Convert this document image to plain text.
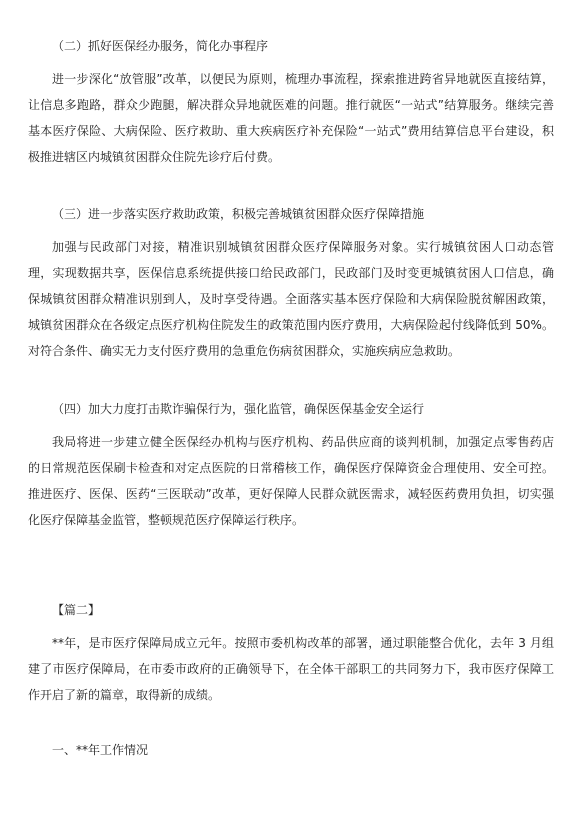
（二）抓好医保经办服务，简化办事程序
进一步深化“放管服”改革，以便民为原则，梳理办事流程，探索推进跨省异地就医直接结算，让信息多跑路，群众少跑腿，解决群众异地就医难的问题。推行就医“一站式”结算服务。继续完善基本医疗保险、大病保险、医疗救助、重大疾病医疗补充保险“一站式”费用结算信息平台建设，积极推进辖区内城镇贫困群众住院先诊疗后付费。
（三）进一步落实医疗救助政策，积极完善城镇贫困群众医疗保障措施
加强与民政部门对接，精准识别城镇贫困群众医疗保障服务对象。实行城镇贫困人口动态管理，实现数据共享，医保信息系统提供接口给民政部门，民政部门及时变更城镇贫困人口信息，确保城镇贫困群众精准识别到人，及时享受待遇。全面落实基本医疗保险和大病保险脱贫解困政策，城镇贫困群众在各级定点医疗机构住院发生的政策范围内医疗费用，大病保险起付线降低到 50%。对符合条件、确实无力支付医疗费用的急重危伤病贫困群众，实施疾病应急救助。
（四）加大力度打击欺诈骗保行为，强化监管，确保医保基金安全运行
我局将进一步建立健全医保经办机构与医疗机构、药品供应商的谈判机制，加强定点零售药店的日常规范医保刷卡检查和对定点医院的日常稽核工作，确保医疗保障资金合理使用、安全可控。推进医疗、医保、医药“三医联动”改革，更好保障人民群众就医需求，减轻医药费用负担，切实强化医疗保障基金监管，整顿规范医疗保障运行秩序。
【篇二】
**年，是市医疗保障局成立元年。按照市委机构改革的部署，通过职能整合优化，去年 3 月组建了市医疗保障局，在市委市政府的正确领导下，在全体干部职工的共同努力下，我市医疗保障工作开启了新的篇章，取得新的成绩。
一、**年工作情况
